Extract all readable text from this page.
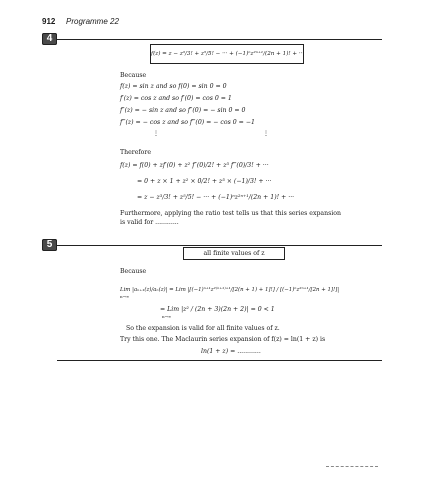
912 Programme 22
4
f(z) = z − z³/3! + z⁵/5! − ··· + (−1)ⁿz²ⁿ⁺¹/(2n + 1)! + ···
Because
f(z) = sin z and so f(0) = sin 0 = 0
f′(z) = cos z and so f′(0) = cos 0 = 1
f″(z) = − sin z and so f″(0) = − sin 0 = 0
f‴(z) = − cos z and so f‴(0) = − cos 0 = −1
⋮	⋮
Therefore
f(z) = f(0) + zf′(0) + z² f″(0)/2! + z³ f‴(0)/3! + ···
= 0 + z × 1 + z² × 0/2! + z³ × (−1)/3! + ···
= z − z³/3! + z⁵/5! − ··· + (−1)ⁿz²ⁿ⁺¹/(2n + 1)! + ···
Furthermore, applying the ratio test tells us that this series expansion
is valid for ............
5
all finite values of z
Because
Lim |aₙ₊₁(z)/aₙ(z)| = Lim |[(−1)ⁿ⁺¹z²⁽ⁿ⁺¹⁾⁺¹/[2(n + 1) + 1]!] / [(−1)ⁿz²ⁿ⁺¹/[2n + 1]!]|
n→∞
= Lim |z² / (2n + 3)(2n + 2)| = 0 < 1
n→∞
So the expansion is valid for all finite values of z.
Try this one. The Maclaurin series expansion of f(z) = ln(1 + z) is
ln(1 + z) = ............
